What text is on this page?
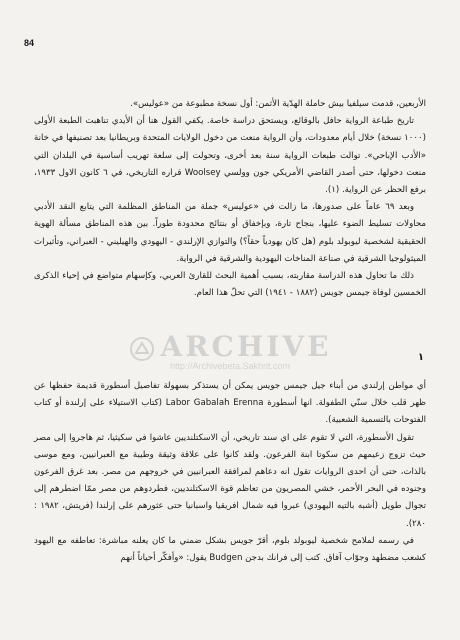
84

الأربعين، قدمت سيلفيا بيش حاملة الهدّية الأثمن: أول نسخة مطبوعة من «عوليس».

تاريخ طباعة الرواية حافل بالوقائع، ويستحق دراسة خاصة. يكفي القول هنا أن الأيدي تناهبت الطبعة الأولى (١٠٠٠ نسخة) خلال أيام معدودات، وأن الرواية منعت من دخول الولايات المتحدة وبريطانيا بعد تصنيفها في خانة «الأدب الإباحي». توالت طبعات الرواية سنة بعد أخرى، وتحولت إلى سلعة تهريب أساسية في البلدان التي منعت دخولها، حتى أصدر القاضي الأمريكي جون وولسي Woolsey قراره التاريخي، في ٦ كانون الاول ١٩٣٣، برفع الحظر عن الرواية. (١).

وبعد ٦٩ عاماً على صدورها، ما زالت في «عوليس» جملة من المناطق المظلمة التي يتابع النقد الأدبي محاولات تسليط الضوء عليها، بنجاح تارة، وبإخفاق أو بنتائج محدودة طوراً. بين هذه المناطق مسألة الهوية الحقيقية لشخصية ليوبولد بلوم (هل كان يهودياً حقاً؟) والتوازي الإرلندي - اليهودي والهيليني - العبراني، وتأثيرات الميثولوجيا الشرقية في صناعة المناخات اليهودية والشرقية في الرواية.

ذلك ما تحاول هذه الدراسة مقاربته، بسبب أهمية البحث للقارئ العربي، وكإسهام متواضع في إحياء الذكرى الخمسين لوفاة جيمس جويس (١٨٨٢ - ١٩٤١) التي تحلّ هذا العام.

ARCHIVE
http://Archivebeta.Sakhrit.com
١

أي مواطن إرلندي من أبناء جيل جيمس جويس يمكن أن يستذكر بسهولة تفاصيل أسطورة قديمة حفظها عن ظهر قلب خلال سنّي الطفولة. انها أسطورة Labor Gabalah Erenna (كتاب الاستيلاء على إرلندة أو كتاب الفتوحات بالتسمية الشعبية).

تقول الأسطورة، التي لا تقوم على اي سند تاريخي، أن الاسكتلنديين عاشوا في سكيثيا، ثم هاجروا إلى مصر حيث تزوج زعيمهم من سكوتا ابنة الفرعون. ولقد كانوا على علاقة وثيقة وطيبة مع العبرانيين، ومع موسى بالذات، حتى أن احدى الروايات تقول انه دعاهم لمرافقة العبرانيين في خروجهم من مصر. بعد غرق الفرعون وجنوده في البحر الأحمر، خشي المصريون من تعاظم قوة الاسكتلنديين، فطردوهم من مصر ممّا اضطرهم إلى تجوال طويل (أشبه بالتيه اليهودي) عبروا فيه شمال افريقيا واسبانيا حتى عثورهم على إرلندا (فريتش، ١٩٨٢ : ٢٨٠).

في رسمه لملامح شخصية ليوبولد بلوم، أقرّ جويس بشكل ضمني ما كان يعلنه مباشرة: تعاطفه مع اليهود كشعب مضطهد وجوّاب آفاق. كتب إلى فرانك بدجن Budgen يقول: «وأفكّر أحياناً أنهم
